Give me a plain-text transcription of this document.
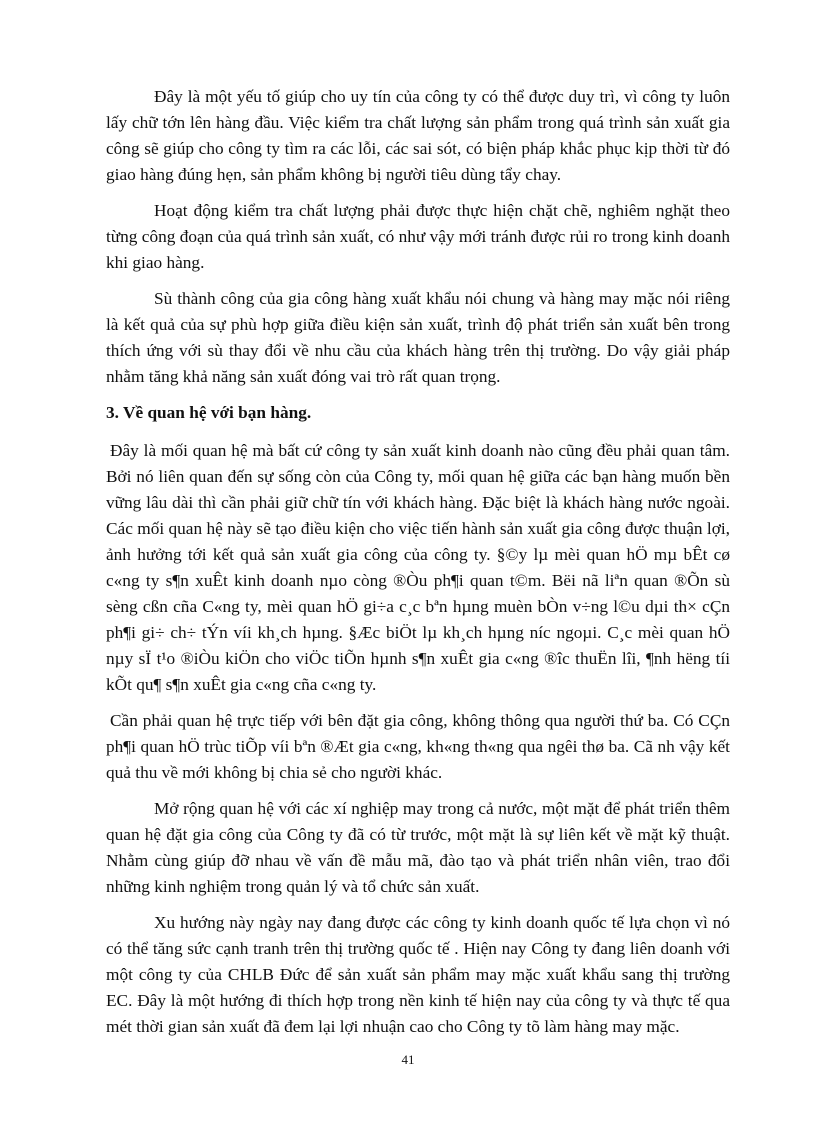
Đây là một yếu tố giúp cho uy tín của công ty có thể được duy trì, vì công ty luôn lấy chữ tớn lên hàng đầu. Việc kiểm tra chất lượng sản phẩm trong quá trình sản xuất gia công sẽ giúp cho công ty tìm ra các lỗi, các sai sót, có biện pháp khắc phục kịp thời từ đó giao hàng đúng hẹn, sản phẩm không bị người tiêu dùng tẩy chay.

Hoạt động kiểm tra chất lượng phải được thực hiện chặt chẽ, nghiêm nghặt theo từng công đoạn của quá trình sản xuất, có như vậy mới tránh được rủi ro trong kinh doanh khi giao hàng.

Sù thành công của gia công hàng xuất khẩu nói chung và hàng may mặc nói riêng là kết quả của sự phù hợp giữa điều kiện sản xuất, trình độ phát triển sản xuất bên trong thích ứng với sù thay đổi về nhu cầu của khách hàng trên thị trường. Do vậy giải pháp nhằm tăng khả năng sản xuất đóng vai trò rất quan trọng.

3. Về quan hệ với bạn hàng.

Đây là mối quan hệ mà bất cứ công ty sản xuất kinh doanh nào cũng đều phải quan tâm. Bởi nó liên quan đến sự sống còn của Công ty, mối quan hệ giữa các bạn hàng muốn bền vững lâu dài thì cần phải giữ chữ tín với khách hàng. Đặc biệt là khách hàng nước ngoài. Các mối quan hệ này sẽ tạo điều kiện cho việc tiến hành sản xuất gia công được thuận lợi, ảnh hưởng tới kết quả sản xuất gia công của công ty. §©y lµ mèi quan hÖ mµ bÊt cø c«ng ty s¶n xuÊt kinh doanh nµo còng ®Òu ph¶i quan t©m. Bëi nã liªn quan ®Õn sù sèng cßn cña C«ng ty, mèi quan hÖ gi÷a c¸c bªn hµng muèn bÒn v÷ng l©u dµi th× cÇn ph¶i gi÷ ch÷ tÝn víi kh¸ch hµng. §Æc biÖt lµ kh¸ch hµng níc ngoµi. C¸c mèi quan hÖ nµy sÏ t¹o ®iÒu kiÖn cho viÖc tiÕn hµnh s¶n xuÊt gia c«ng ®îc thuËn lîi, ¶nh hëng tíi kÕt qu¶ s¶n xuÊt gia c«ng cña c«ng ty.

Cần phải quan hệ trực tiếp với bên đặt gia công, không thông qua người thứ ba. Có CÇn ph¶i quan hÖ trùc tiÕp víi bªn ®Æt gia c«ng, kh«ng th«ng qua ngêi thø ba. Cã nh vậy kết quả thu về mới không bị chia sẻ cho người khác.

Mở rộng quan hệ với các xí nghiệp may trong cả nước, một mặt để phát triển thêm quan hệ đặt gia công của Công ty đã có từ trước, một mặt là sự liên kết về mặt kỹ thuật. Nhằm cùng giúp đỡ nhau về vấn đề mẫu mã, đào tạo và phát triển nhân viên, trao đổi những kinh nghiệm trong quản lý và tổ chức sản xuất.

Xu hướng này ngày nay đang được các công ty kinh doanh quốc tế lựa chọn vì nó có thể tăng sức cạnh tranh trên thị trường quốc tế . Hiện nay Công ty đang liên doanh với một công ty của CHLB Đức để sản xuất sản phẩm may mặc xuất khẩu sang thị trường EC. Đây là một hướng đi thích hợp trong nền kinh tế hiện nay của công ty và thực tế qua mét thời gian sản xuất đã đem lại lợi nhuận cao cho Công ty tõ làm hàng may mặc.

41
